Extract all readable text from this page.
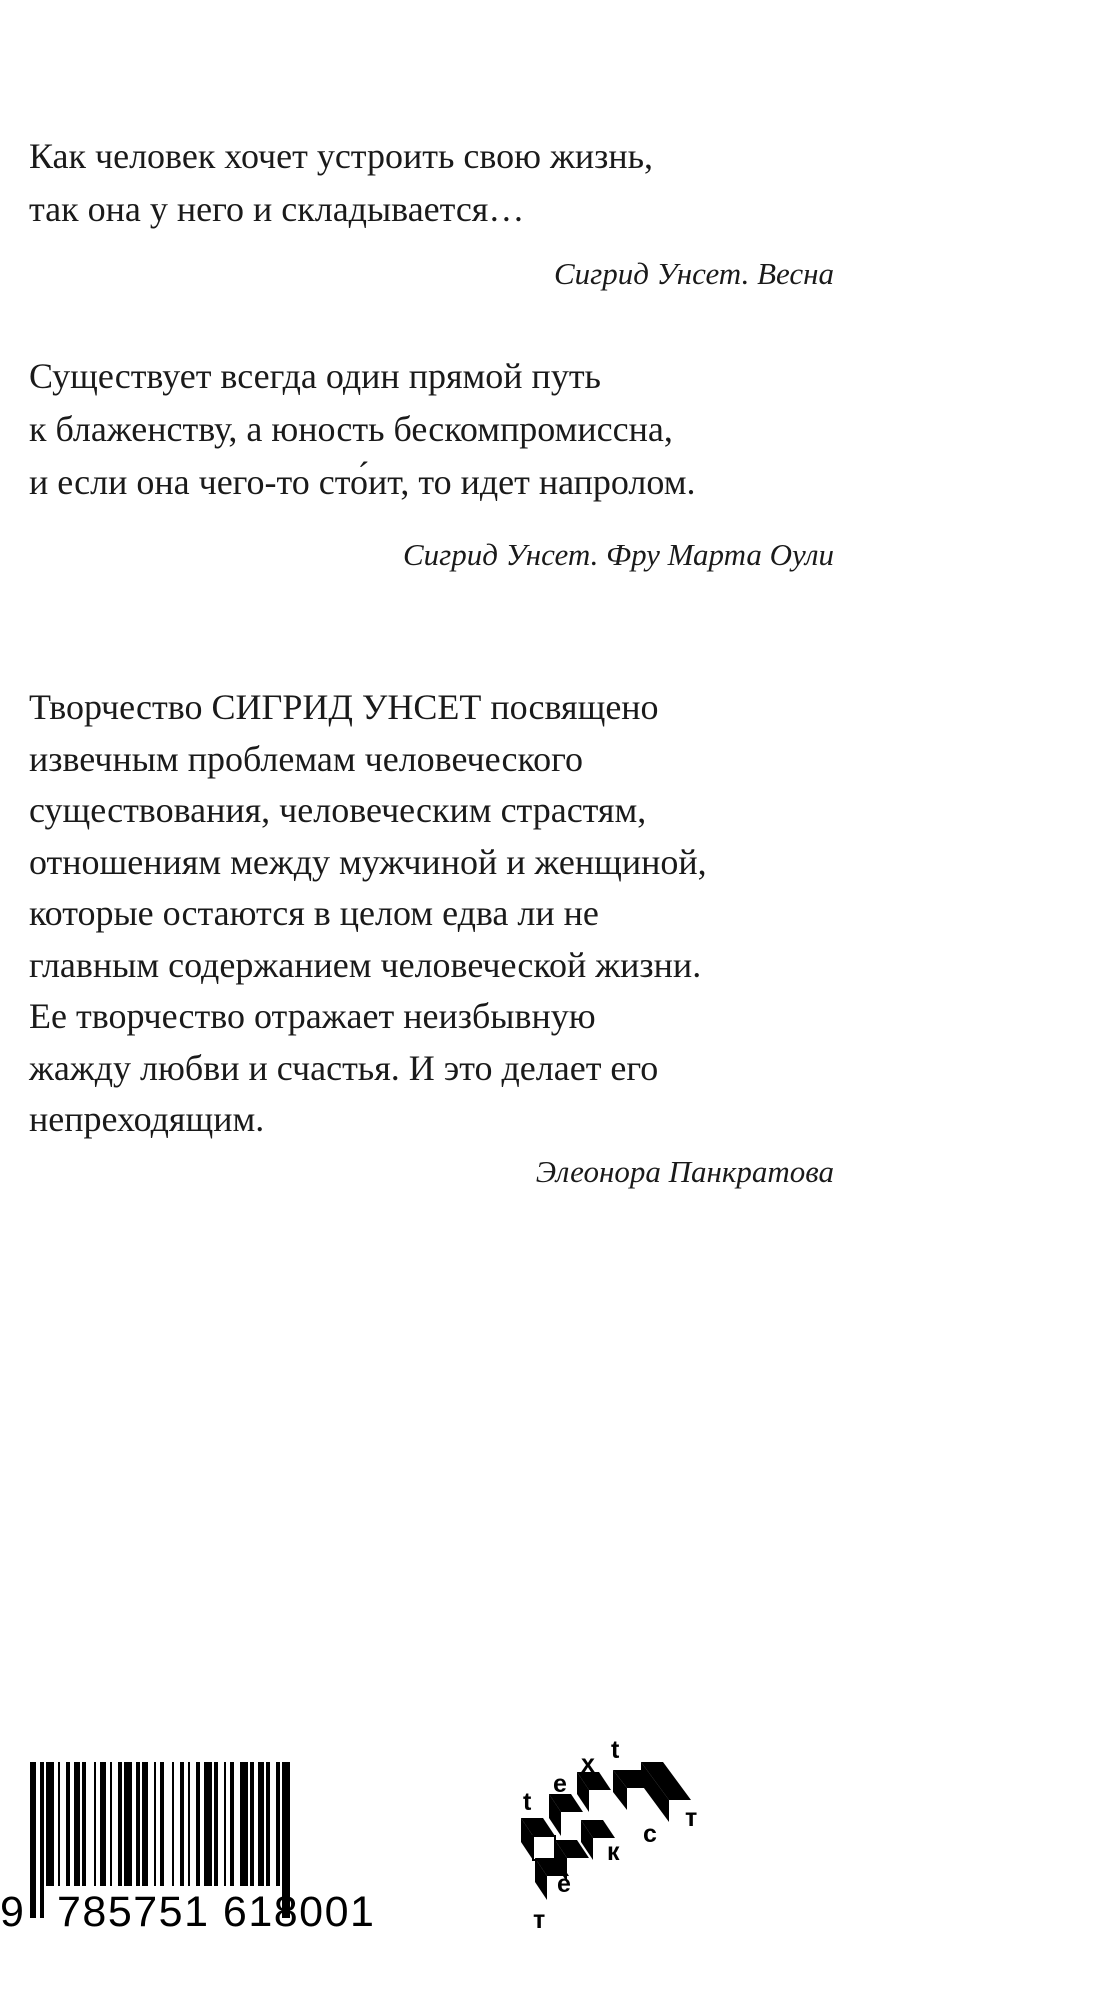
Как человек хочет устроить свою жизнь,
так она у него и складывается…

Сигрид Унсет. Весна

Существует всегда один прямой путь
к блаженству, а юность бескомпромиссна,
и если она чего-то сто́ит, то идет напролом.

Сигрид Унсет. Фру Марта Оули

Творчество СИГРИД УНСЕТ посвящено
извечным проблемам человеческого
существования, человеческим страстям,
отношениям между мужчиной и женщиной,
которые остаются в целом едва ли не
главным содержанием человеческой жизни.
Ее творчество отражает неизбывную
жажду любви и счастья. И это делает его
непреходящим.

Элеонора Панкратова

9 785751 618001
t
е
х t
т
е
к
с
т
